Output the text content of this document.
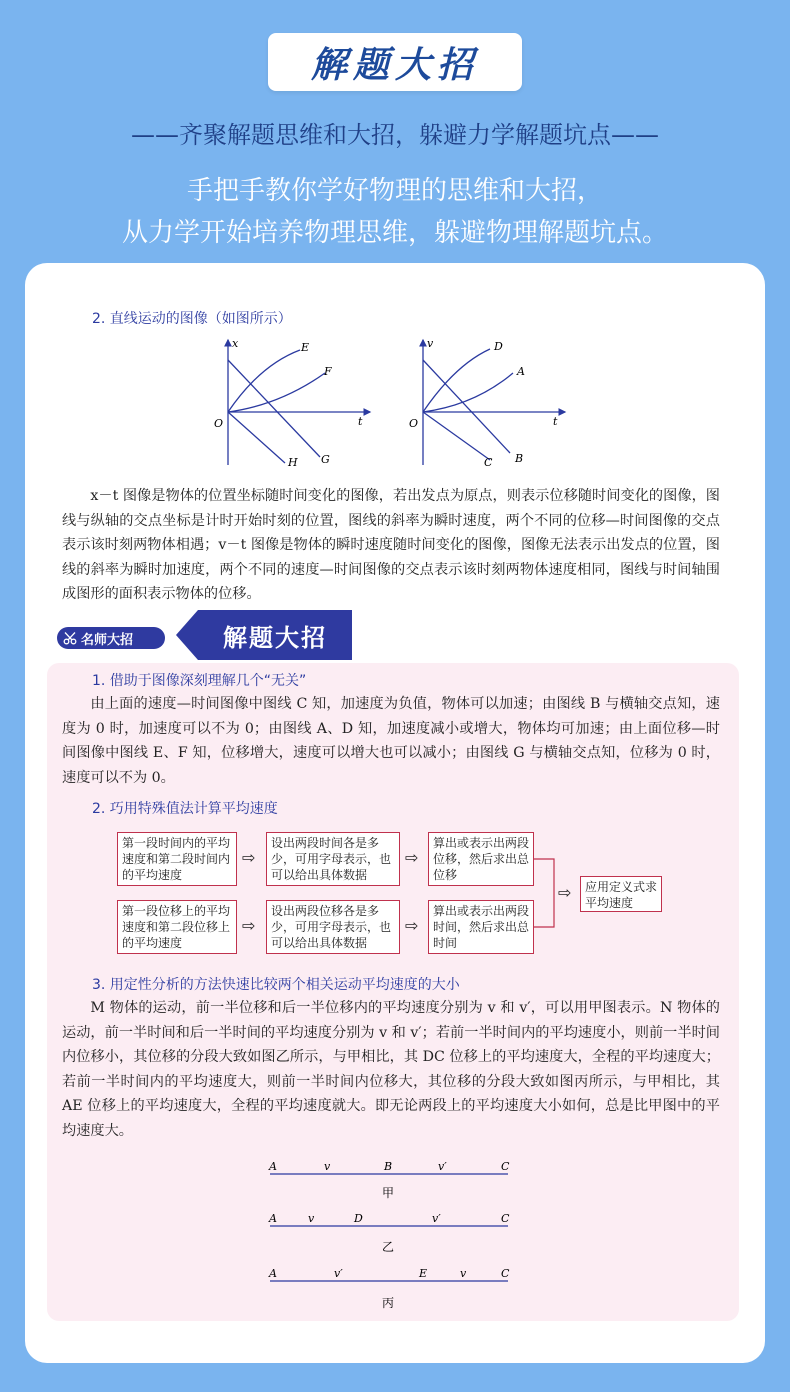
解题大招
——齐聚解题思维和大招，躲避力学解题坑点——
手把手教你学好物理的思维和大招，
从力学开始培养物理思维，躲避物理解题坑点。
2. 直线运动的图像（如图所示）
x
t
O
E
F
G
H
v
t
O
D
A
B
C

x－t 图像是物体的位置坐标随时间变化的图像，若出发点为原点，则表示位移随时间变化的图像，图线与纵轴的交点坐标是计时开始时刻的位置，图线的斜率为瞬时速度，两个不同的位移—时间图像的交点表示该时刻两物体相遇；v－t 图像是物体的瞬时速度随时间变化的图像，图像无法表示出发点的位置，图线的斜率为瞬时加速度，两个不同的速度—时间图像的交点表示该时刻两物体速度相同，图线与时间轴围成图形的面积表示物体的位移。

名师大招	解题大招
1. 借助于图像深刻理解几个“无关”

由上面的速度—时间图像中图线 C 知，加速度为负值，物体可以加速；由图线 B 与横轴交点知，速度为 0 时，加速度可以不为 0；由图线 A、D 知，加速度减小或增大，物体均可加速；由上面位移—时间图像中图线 E、F 知，位移增大，速度可以增大也可以减小；由图线 G 与横轴交点知，位移为 0 时，速度可以不为 0。

2. 巧用特殊值法计算平均速度
第一段时间内的平均速度和第二段时间内的平均速度
⇨
设出两段时间各是多少，可用字母表示，也可以给出具体数据
⇨
算出或表示出两段位移，然后求出总位移
第一段位移上的平均速度和第二段位移上的平均速度
⇨
设出两段位移各是多少，可用字母表示，也可以给出具体数据
⇨
算出或表示出两段时间，然后求出总时间
⇨	应用定义式求平均速度
3. 用定性分析的方法快速比较两个相关运动平均速度的大小

M 物体的运动，前一半位移和后一半位移内的平均速度分别为 v 和 v′，可以用甲图表示。N 物体的运动，前一半时间和后一半时间的平均速度分别为 v 和 v′；若前一半时间内的平均速度小，则前一半时间内位移小，其位移的分段大致如图乙所示，与甲相比，其 DC 位移上的平均速度大，全程的平均速度大；若前一半时间内的平均速度大，则前一半时间内位移大，其位移的分段大致如图丙所示，与甲相比，其 AE 位移上的平均速度大，全程的平均速度就大。即无论两段上的平均速度大小如何，总是比甲图中的平均速度大。

A	v	B	v′	C
甲
A	v	D	v′	C
乙
A	v′	E	v	C
丙
